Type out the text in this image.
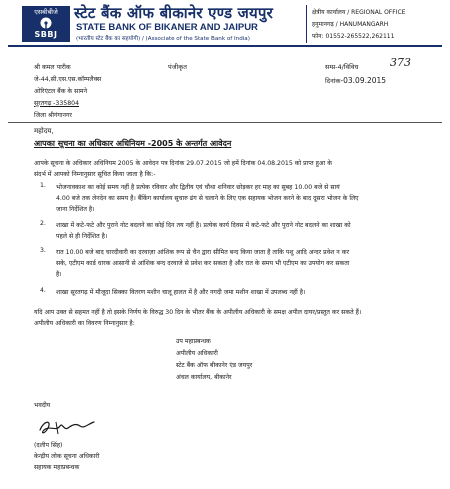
एसबीबीजे
SBBJ
स्टेट बैंक ऑफ बीकानेर एण्ड जयपुर
STATE BANK OF BIKANER AND JAIPUR
(भारतीय स्टेट बैंक का सहयोगी) / (Associate of the State Bank of India)
क्षेत्रीय कार्यालय / REGIONAL OFFICE
हनुमानगढ़ / HANUMANGARH
फोन: 01552-265522,262111
श्री कमल पारीक
जे-44,सी.एस.एस.कॉम्पलैक्स
ओरिएंटल बैंक के सामने
सूरतगढ़ -335804
जिला श्रीगंगानगर
पंजीकृत	सम्प्र-4/विविध	373
दिनांक-03.09.2015
महोदय,
आपका सूचना का अधिकार अधिनियम -2005 के अन्तर्गत आवेदन
आपके सूचना के अधिकार अधिनियम 2005 के आवेदन पत्र दिनांक 29.07.2015 जो हमें दिनांक 04.08.2015 को प्राप्त हुआ के
संदर्भ में आपको निम्नानुसार सूचित किया जाता है कि:-
1. भोजनावकाश का कोई समय नहीं है प्रत्येक रविवार और द्वितीय एवं चौथा शनिवार छोड़कर हर माह का सुबह 10.00 बजे से सायं
4.00 बजे तक लेनदेन का समय है। बैंकिंग कार्यालय सुचारु ढंग से चलाने के लिए एक सहायक भोजन करने के बाद दूसरा भोजन के लिए
जाना निर्देशित है।
2. शाखा में कटे-फटे और पुराने नोट बदलने का कोई दिन तय नहीं है। प्रत्येक कार्य दिवस में कटे-फटे और पुराने नोट बदलने का शाखा को
पहले से ही निर्देशित है।
3. रात 10.00 बजे बाद चारदीवारी का दरवाज़ा आंशिक रूप से चैन द्वारा सीमित बन्द किया जाता है ताकि पशु आदि अन्दर प्रवेश न कर
सके, एटीएम कार्ड धारक आसानी से आंशिक बन्द दरवाजे से प्रवेश कर सकता है और रात के समय भी एटीएम का उपयोग कर सकता
है।
4. शाखा सूरतगढ़ में मौजूदा सिक्का वितरण मशीन चालू हालत में है और नगदी जमा मशीन शाखा में उपलब्ध नहीं है।
यदि आप उक्त से सहमत नहीं है तो इसके निर्णय के विरुद्ध 30 दिन के भीतर बैंक के अपीलीय अधिकारी के समक्ष अपील दायर/प्रस्तुत कर सकते हैं।
अपीलीय अधिकारी का विवरण निम्नानुसार है:
उप महाप्रबन्धक
अपीलीय अधिकारी
स्टेट बैंक ऑफ बीकानेर एंड जयपुर
अंचल कार्यालय, बीकानेर
भवदीय
(दलीप सिंह)
केन्द्रीय लोक सूचना अधिकारी
सहायक महाप्रबन्धक
